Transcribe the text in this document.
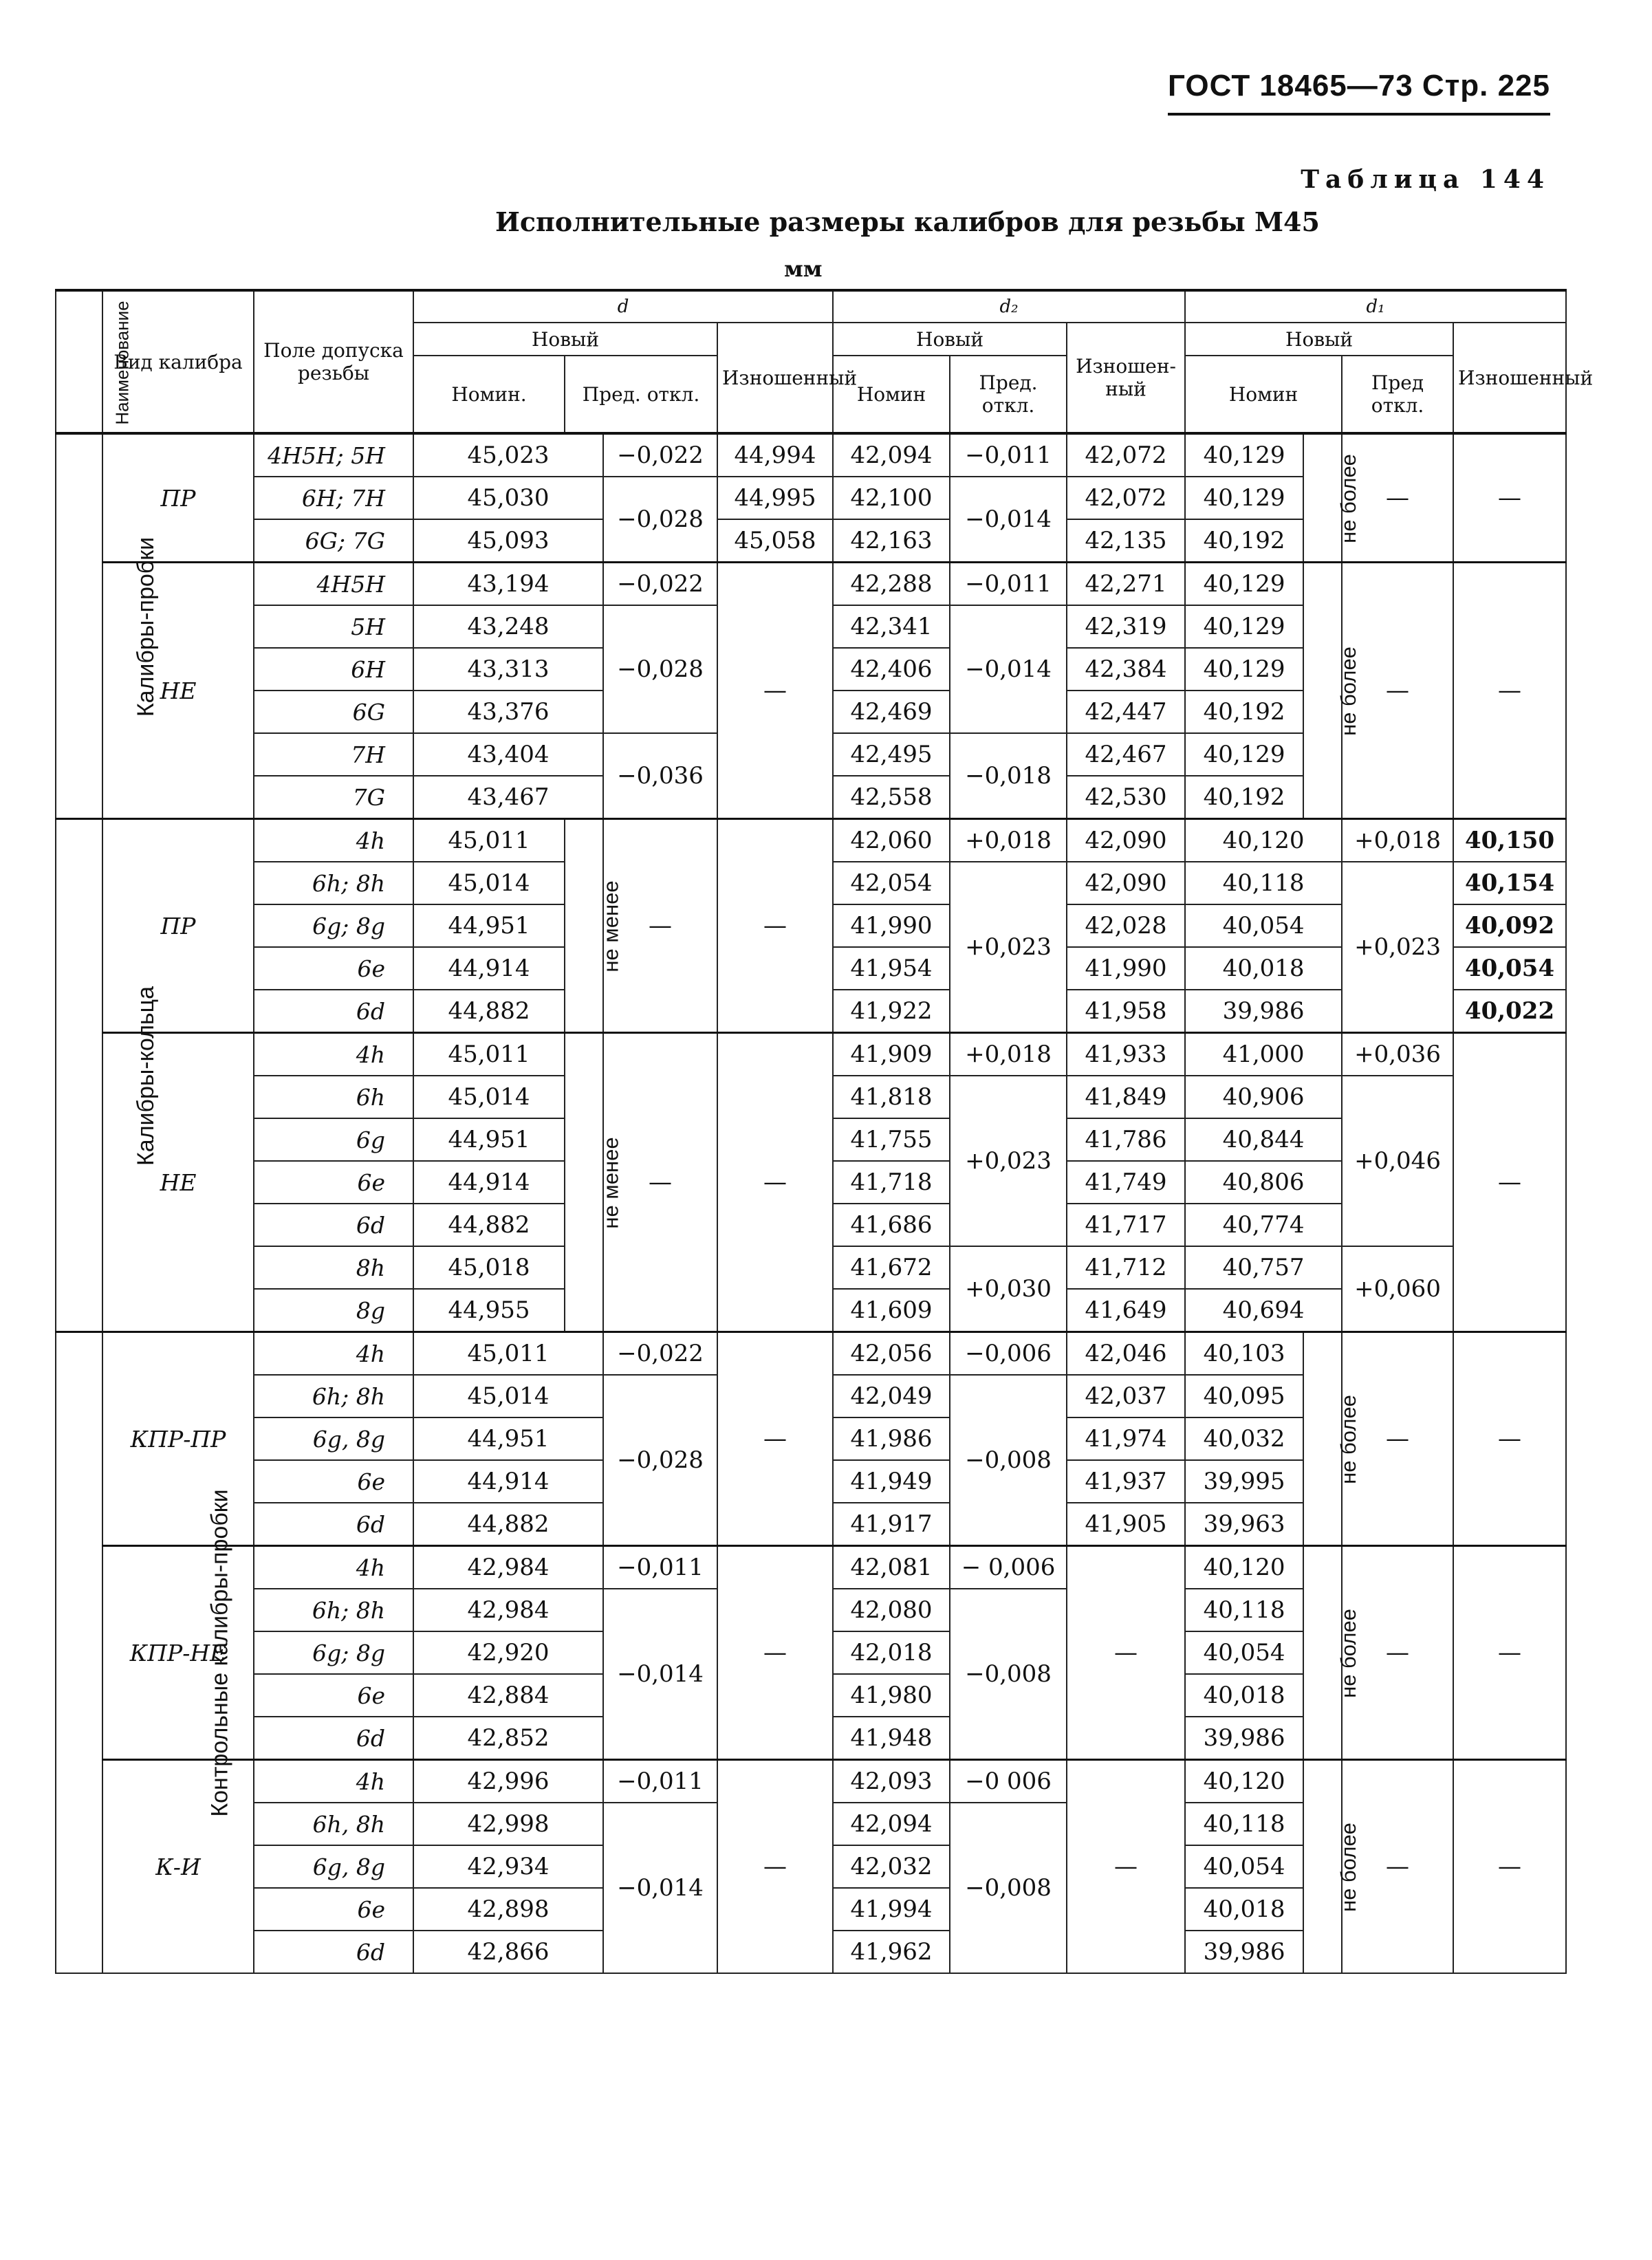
ГОСТ 18465—73 Стр. 225
Таблица 144
Исполнительные размеры калибров для резьбы М45
мм
Наименование	Вид калибра	Поле допуска резьбы	d				d₂			d₁			
			Новый			Изношенный	Новый		Изношен-ный	Новый			Изношенный
			Номин.	Пред. откл.			Номин	Пред. откл.		Номин		Пред откл.	
Калибры-пробки	ПР	4H5H; 5H	45,023		−0,022	44,994	42,094	−0,011	42,072	40,129	не более	—	—
		6H; 7H	45,030		−0,028	44,995	42,100	−0,014	42,072	40,129			
		6G; 7G	45,093			45,058	42,163		42,135	40,192			
	НЕ	4H5H	43,194		−0,022	—	42,288	−0,011	42,271	40,129	не более	—	—
		5H	43,248		−0,028		42,341	−0,014	42,319	40,129			
		6H	43,313				42,406		42,384	40,129			
		6G	43,376				42,469		42,447	40,192			
		7H	43,404		−0,036		42,495	−0,018	42,467	40,129			
		7G	43,467				42,558		42,530	40,192			
Калибры-кольца	ПР	4h	45,011	не менее	—	—	42,060	+0,018	42,090	40,120		+0,018	40,150
		6h; 8h	45,014				42,054	+0,023	42,090	40,118		+0,023	40,154
		6g; 8g	44,951				41,990		42,028	40,054			40,092
		6e	44,914				41,954		41,990	40,018			40,054
		6d	44,882				41,922		41,958	39,986			40,022
	НЕ	4h	45,011	не менее	—	—	41,909	+0,018	41,933	41,000		+0,036	—
		6h	45,014				41,818	+0,023	41,849	40,906		+0,046	
		6g	44,951				41,755		41,786	40,844			
		6e	44,914				41,718		41,749	40,806			
		6d	44,882				41,686		41,717	40,774			
		8h	45,018				41,672	+0,030	41,712	40,757		+0,060	
		8g	44,955				41,609		41,649	40,694			
Контрольные калибры-пробки	КПР-ПР	4h	45,011		−0,022	—	42,056	−0,006	42,046	40,103	не более	—	—
		6h; 8h	45,014		−0,028		42,049	−0,008	42,037	40,095			
		6g, 8g	44,951				41,986		41,974	40,032			
		6e	44,914				41,949		41,937	39,995			
		6d	44,882				41,917		41,905	39,963			
	КПР-НЕ	4h	42,984		−0,011	—	42,081	− 0,006	—	40,120	не более	—	—
		6h; 8h	42,984		−0,014		42,080	−0,008		40,118			
		6g; 8g	42,920				42,018			40,054			
		6e	42,884				41,980			40,018			
		6d	42,852				41,948			39,986			
	К-И	4h	42,996		−0,011	—	42,093	−0 006	—	40,120	не более	—	—
		6h, 8h	42,998		−0,014		42,094	−0,008		40,118			
		6g, 8g	42,934				42,032			40,054			
		6e	42,898				41,994			40,018			
		6d	42,866				41,962			39,986			
